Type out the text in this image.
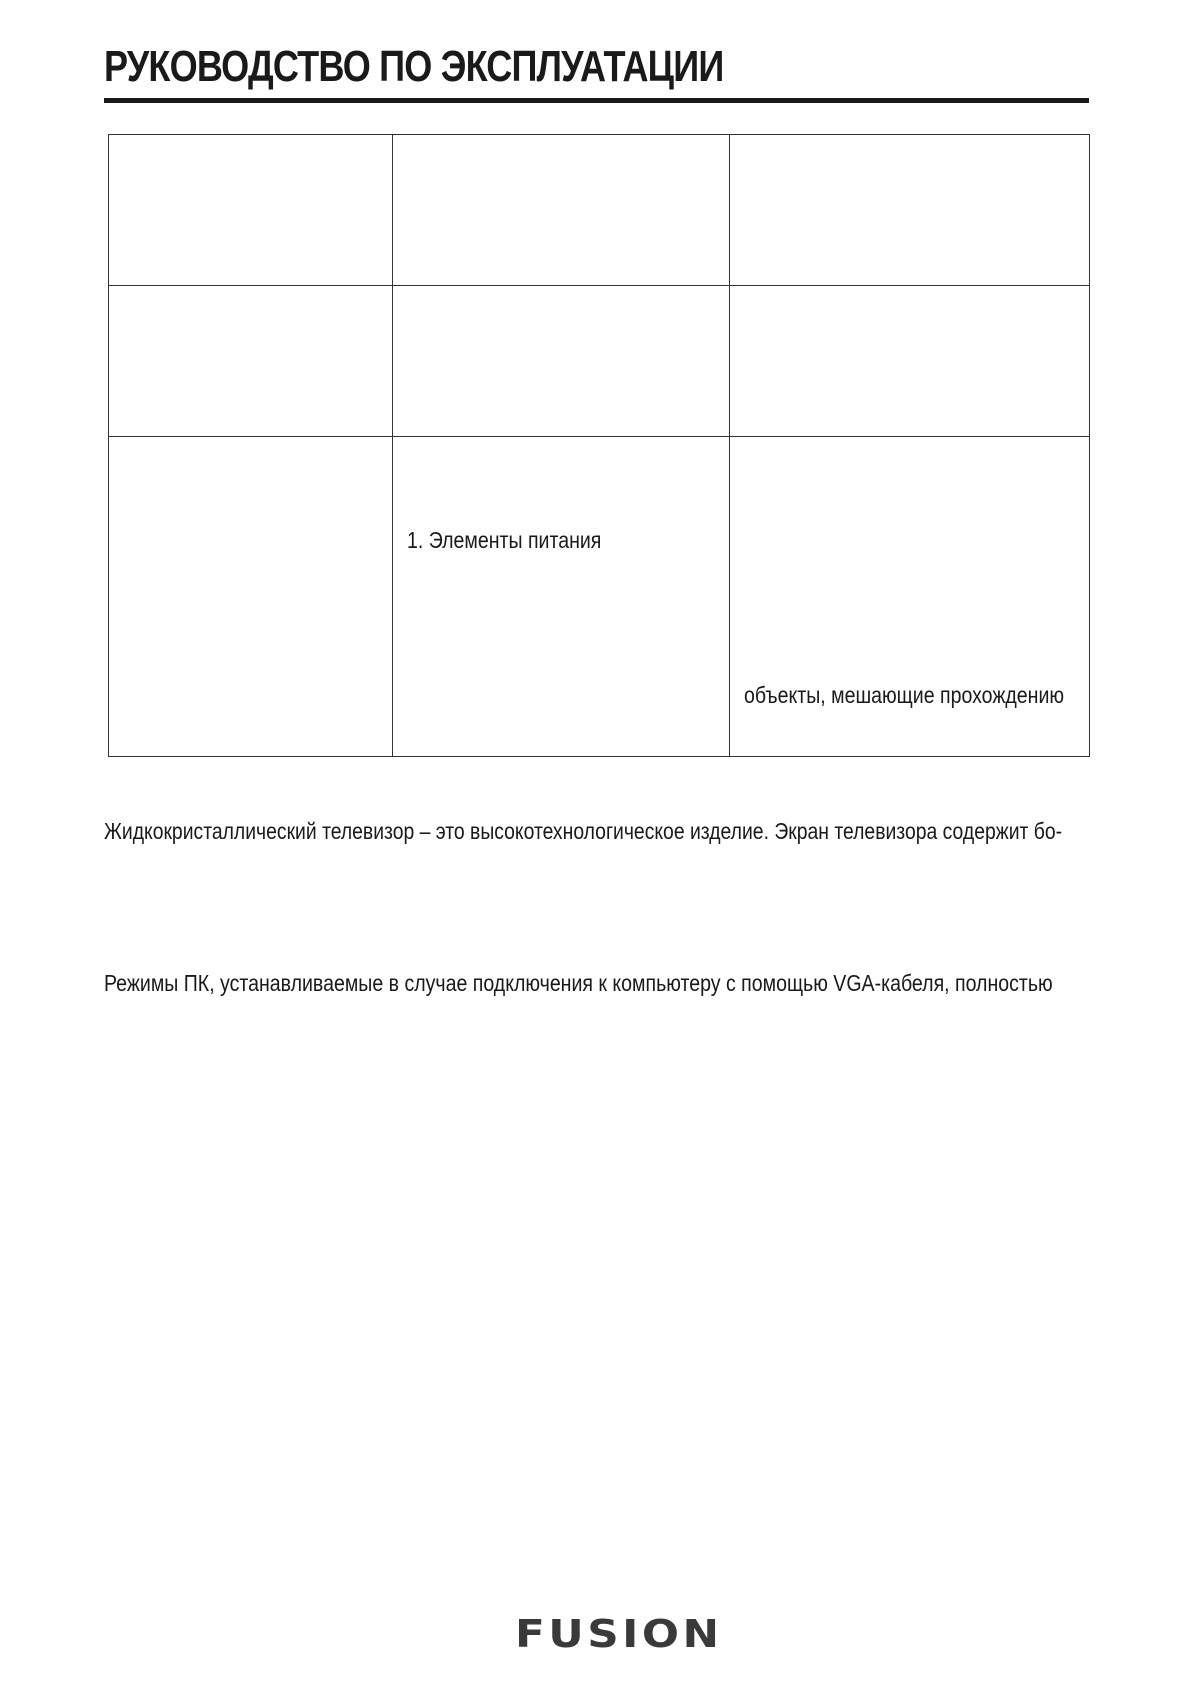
РУКОВОДСТВО ПО ЭКСПЛУАТАЦИИ

	1. Элементы питания	объекты, мешающие прохождению
Жидкокристаллический телевизор – это высокотехнологическое изделие. Экран телевизора содержит бо-
Режимы ПК, устанавливаемые в случае подключения к компьютеру с помощью VGA-кабеля, полностью
FUSION
